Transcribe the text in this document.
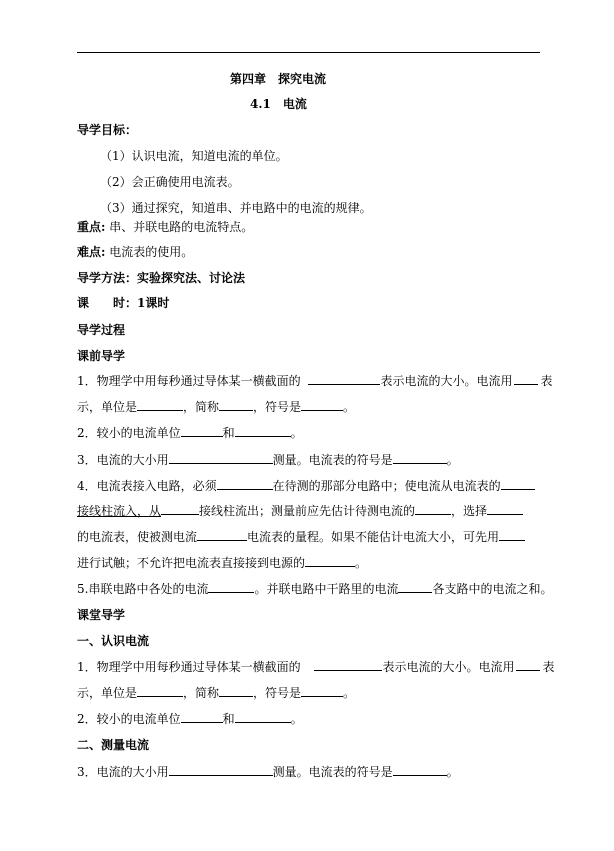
第四章　探究电流
4.1　电流
导学目标：
（1）认识电流，知道电流的单位。
（2）会正确使用电流表。
（3）通过探究，知道串、并电路中的电流的规律。
重点: 串、并联电路的电流特点。
难点: 电流表的使用。
导学方法：实验探究法、讨论法
课　　时：1课时
导学过程
课前导学
1．物理学中用每秒通过导体某一横截面的	表示电流的大小。电流用 表
示，单位是	，简称	，符号是	。
2．较小的电流单位	和	。
3．电流的大小用	测量。电流表的符号是	。
4．电流表接入电路，必须	在待测的那部分电路中；使电流从电流表的
接线柱流入，从	接线柱流出；测量前应先估计待测电流的	，选择
的电流表，使被测电流	电流表的量程。如果不能估计电流大小，可先用
进行试触；不允许把电流表直接接到电源的	。
5.串联电路中各处的电流	。并联电路中干路里的电流	各支路中的电流之和。
课堂导学
一、认识电流
1．物理学中用每秒通过导体某一横截面的	表示电流的大小。电流用 表
示，单位是	，简称	，符号是	。
2．较小的电流单位	和	。
二、测量电流
3．电流的大小用	测量。电流表的符号是	。
